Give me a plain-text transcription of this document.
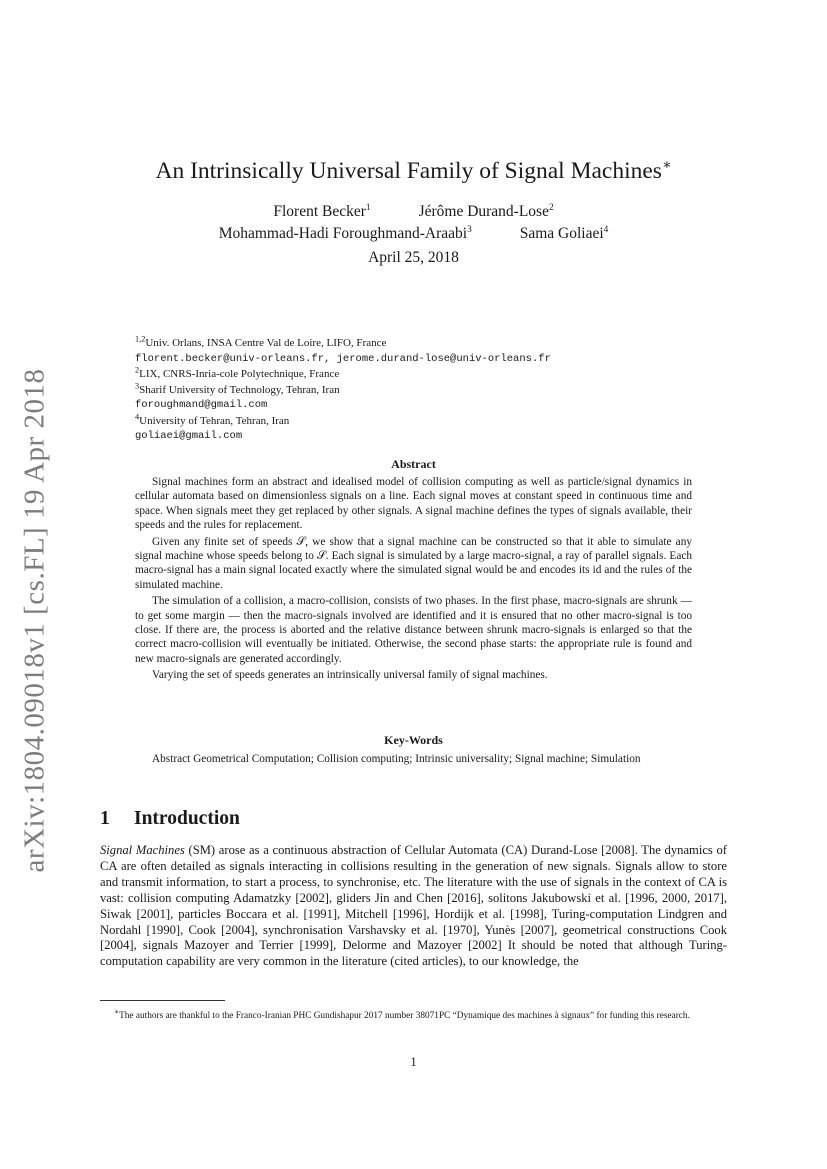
arXiv:1804.09018v1 [cs.FL] 19 Apr 2018
An Intrinsically Universal Family of Signal Machines∗
Florent Becker$^1$	Jérôme Durand-Lose$^2$
Mohammad-Hadi Foroughmand-Araabi$^3$	Sama Goliaei$^4$
April 25, 2018
$^{1,2}$Univ. Orlans, INSA Centre Val de Loire, LIFO, France
florent.becker@univ-orleans.fr, jerome.durand-lose@univ-orleans.fr
$^2$LIX, CNRS-Inria-cole Polytechnique, France
$^3$Sharif University of Technology, Tehran, Iran
foroughmand@gmail.com
$^4$University of Tehran, Tehran, Iran
goliaei@gmail.com
Abstract

Signal machines form an abstract and idealised model of collision computing as well as particle/signal dynamics in cellular automata based on dimensionless signals on a line. Each signal moves at constant speed in continuous time and space. When signals meet they get replaced by other signals. A signal machine defines the types of signals available, their speeds and the rules for replacement.

Given any finite set of speeds 𝒮, we show that a signal machine can be constructed so that it able to simulate any signal machine whose speeds belong to 𝒮. Each signal is simulated by a large macro-signal, a ray of parallel signals. Each macro-signal has a main signal located exactly where the simulated signal would be and encodes its id and the rules of the simulated machine.

The simulation of a collision, a macro-collision, consists of two phases. In the first phase, macro-signals are shrunk — to get some margin — then the macro-signals involved are identified and it is ensured that no other macro-signal is too close. If there are, the process is aborted and the relative distance between shrunk macro-signals is enlarged so that the correct macro-collision will eventually be initiated. Otherwise, the second phase starts: the appropriate rule is found and new macro-signals are generated accordingly.

Varying the set of speeds generates an intrinsically universal family of signal machines.

Key-Words
Abstract Geometrical Computation; Collision computing; Intrinsic universality; Signal machine; Simulation
1 Introduction

Signal Machines (SM) arose as a continuous abstraction of Cellular Automata (CA) Durand-Lose [2008]. The dynamics of CA are often detailed as signals interacting in collisions resulting in the generation of new signals. Signals allow to store and transmit information, to start a process, to synchronise, etc. The literature with the use of signals in the context of CA is vast: collision computing Adamatzky [2002], gliders Jin and Chen [2016], solitons Jakubowski et al. [1996, 2000, 2017], Siwak [2001], particles Boccara et al. [1991], Mitchell [1996], Hordijk et al. [1998], Turing-computation Lindgren and Nordahl [1990], Cook [2004], synchronisation Varshavsky et al. [1970], Yunès [2007], geometrical constructions Cook [2004], signals Mazoyer and Terrier [1999], Delorme and Mazoyer [2002] It should be noted that although Turing-computation capability are very common in the literature (cited articles), to our knowledge, the

∗The authors are thankful to the Franco-Iranian PHC Gundishapur 2017 number 38071PC “Dynamique des machines à signaux” for funding this research.
1
